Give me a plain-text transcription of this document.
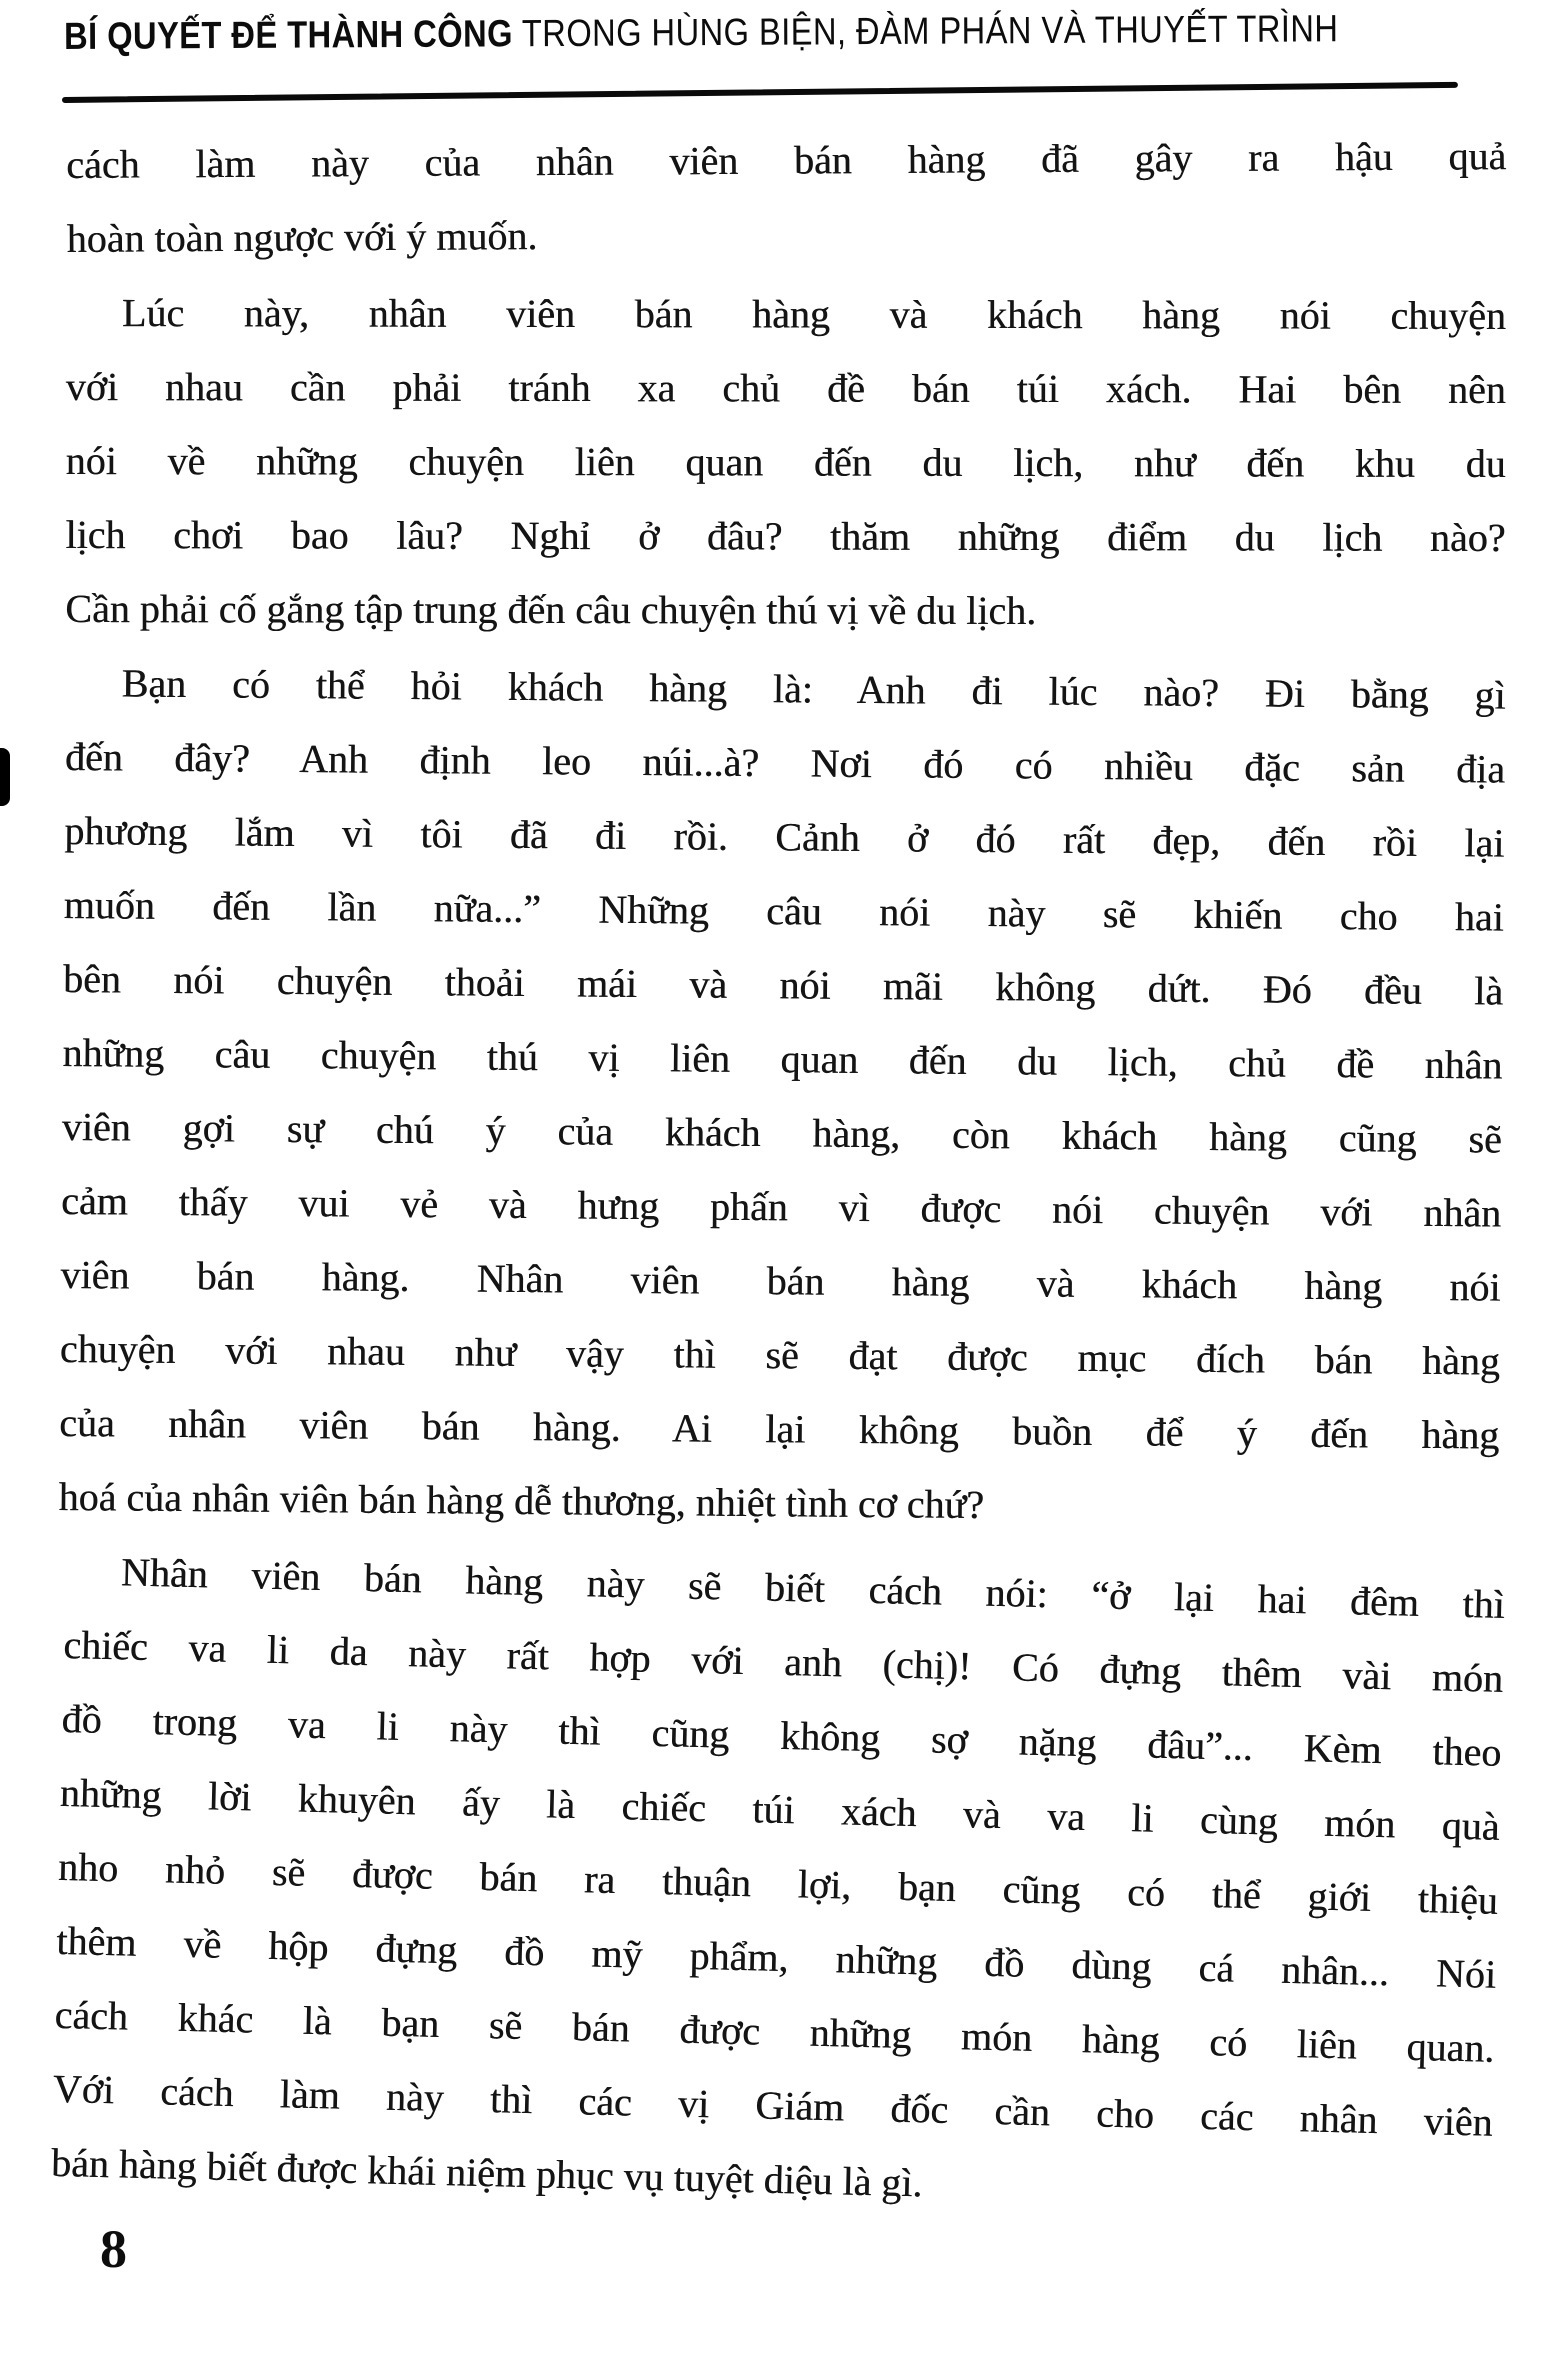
BÍ QUYẾT ĐỂ THÀNH CÔNG TRONG HÙNG BIỆN, ĐÀM PHÁN VÀ THUYẾT TRÌNH
cách làm này của nhân viên bán hàng đã gây ra hậu quả
hoàn toàn ngược với ý muốn.
Lúc này, nhân viên bán hàng và khách hàng nói chuyện
với nhau cần phải tránh xa chủ đề bán túi xách. Hai bên nên
nói về những chuyện liên quan đến du lịch, như đến khu du
lịch chơi bao lâu? Nghỉ ở đâu? thăm những điểm du lịch nào?
Cần phải cố gắng tập trung đến câu chuyện thú vị về du lịch.
Bạn có thể hỏi khách hàng là: Anh đi lúc nào? Đi bằng gì
đến đây? Anh định leo núi...à? Nơi đó có nhiều đặc sản địa
phương lắm vì tôi đã đi rồi. Cảnh ở đó rất đẹp, đến rồi lại
muốn đến lần nữa...” Những câu nói này sẽ khiến cho hai
bên nói chuyện thoải mái và nói mãi không dứt. Đó đều là
những câu chuyện thú vị liên quan đến du lịch, chủ đề nhân
viên gợi sự chú ý của khách hàng, còn khách hàng cũng sẽ
cảm thấy vui vẻ và hưng phấn vì được nói chuyện với nhân
viên bán hàng. Nhân viên bán hàng và khách hàng nói
chuyện với nhau như vậy thì sẽ đạt được mục đích bán hàng
của nhân viên bán hàng. Ai lại không buồn để ý đến hàng
hoá của nhân viên bán hàng dễ thương, nhiệt tình cơ chứ?
Nhân viên bán hàng này sẽ biết cách nói: “ở lại hai đêm thì
chiếc va li da này rất hợp với anh (chị)! Có đựng thêm vài món
đồ trong va li này thì cũng không sợ nặng đâu”... Kèm theo
những lời khuyên ấy là chiếc túi xách và va li cùng món quà
nho nhỏ sẽ được bán ra thuận lợi, bạn cũng có thể giới thiệu
thêm về hộp đựng đồ mỹ phẩm, những đồ dùng cá nhân... Nói
cách khác là bạn sẽ bán được những món hàng có liên quan.
Với cách làm này thì các vị Giám đốc cần cho các nhân viên
bán hàng biết được khái niệm phục vụ tuyệt diệu là gì.
8
